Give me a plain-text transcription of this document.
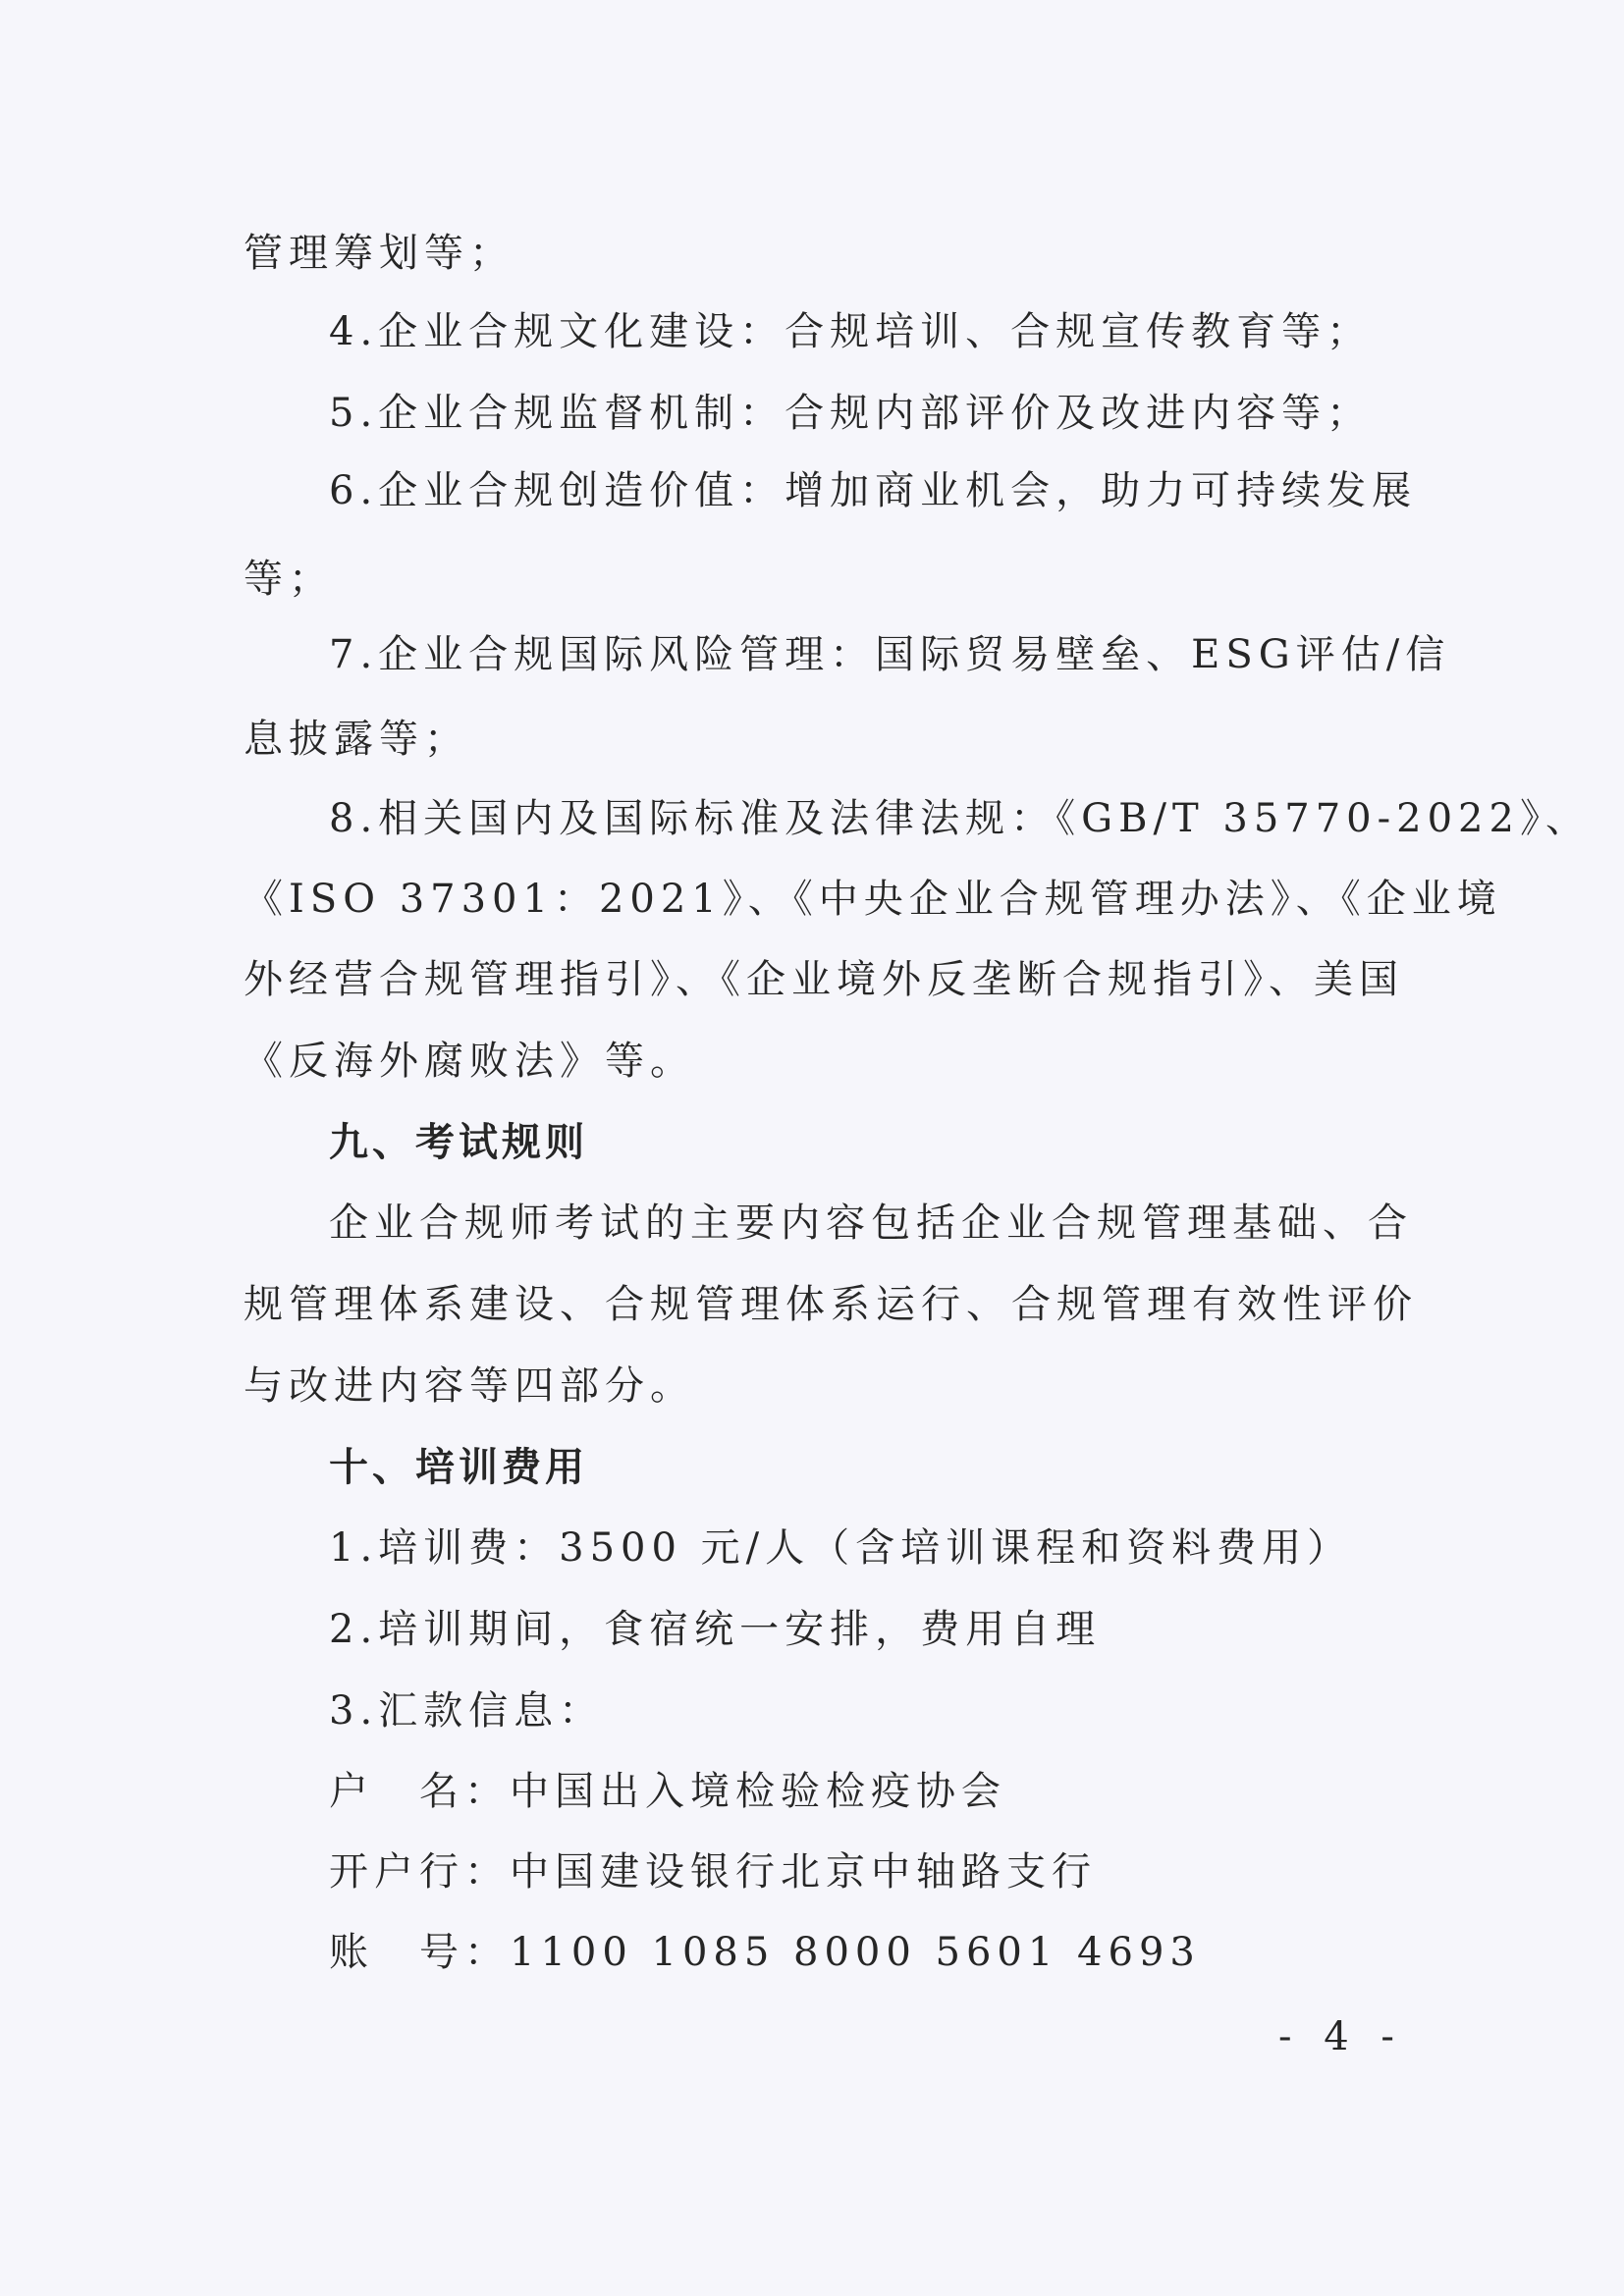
管理筹划等；
4.企业合规文化建设：合规培训、合规宣传教育等；
5.企业合规监督机制：合规内部评价及改进内容等；
6.企业合规创造价值：增加商业机会，助力可持续发展
等；
7.企业合规国际风险管理：国际贸易壁垒、ESG评估/信
息披露等；
8.相关国内及国际标准及法律法规：《GB/T 35770-2022》、
《ISO 37301：2021》、《中央企业合规管理办法》、《企业境
外经营合规管理指引》、《企业境外反垄断合规指引》、美国
《反海外腐败法》等。
九、考试规则
企业合规师考试的主要内容包括企业合规管理基础、合
规管理体系建设、合规管理体系运行、合规管理有效性评价
与改进内容等四部分。
十、培训费用
1.培训费：3500 元/人（含培训课程和资料费用）
2.培训期间，食宿统一安排，费用自理
3.汇款信息：
户　名：中国出入境检验检疫协会
开户行：中国建设银行北京中轴路支行
账　号：1100 1085 8000 5601 4693
- 4 -
